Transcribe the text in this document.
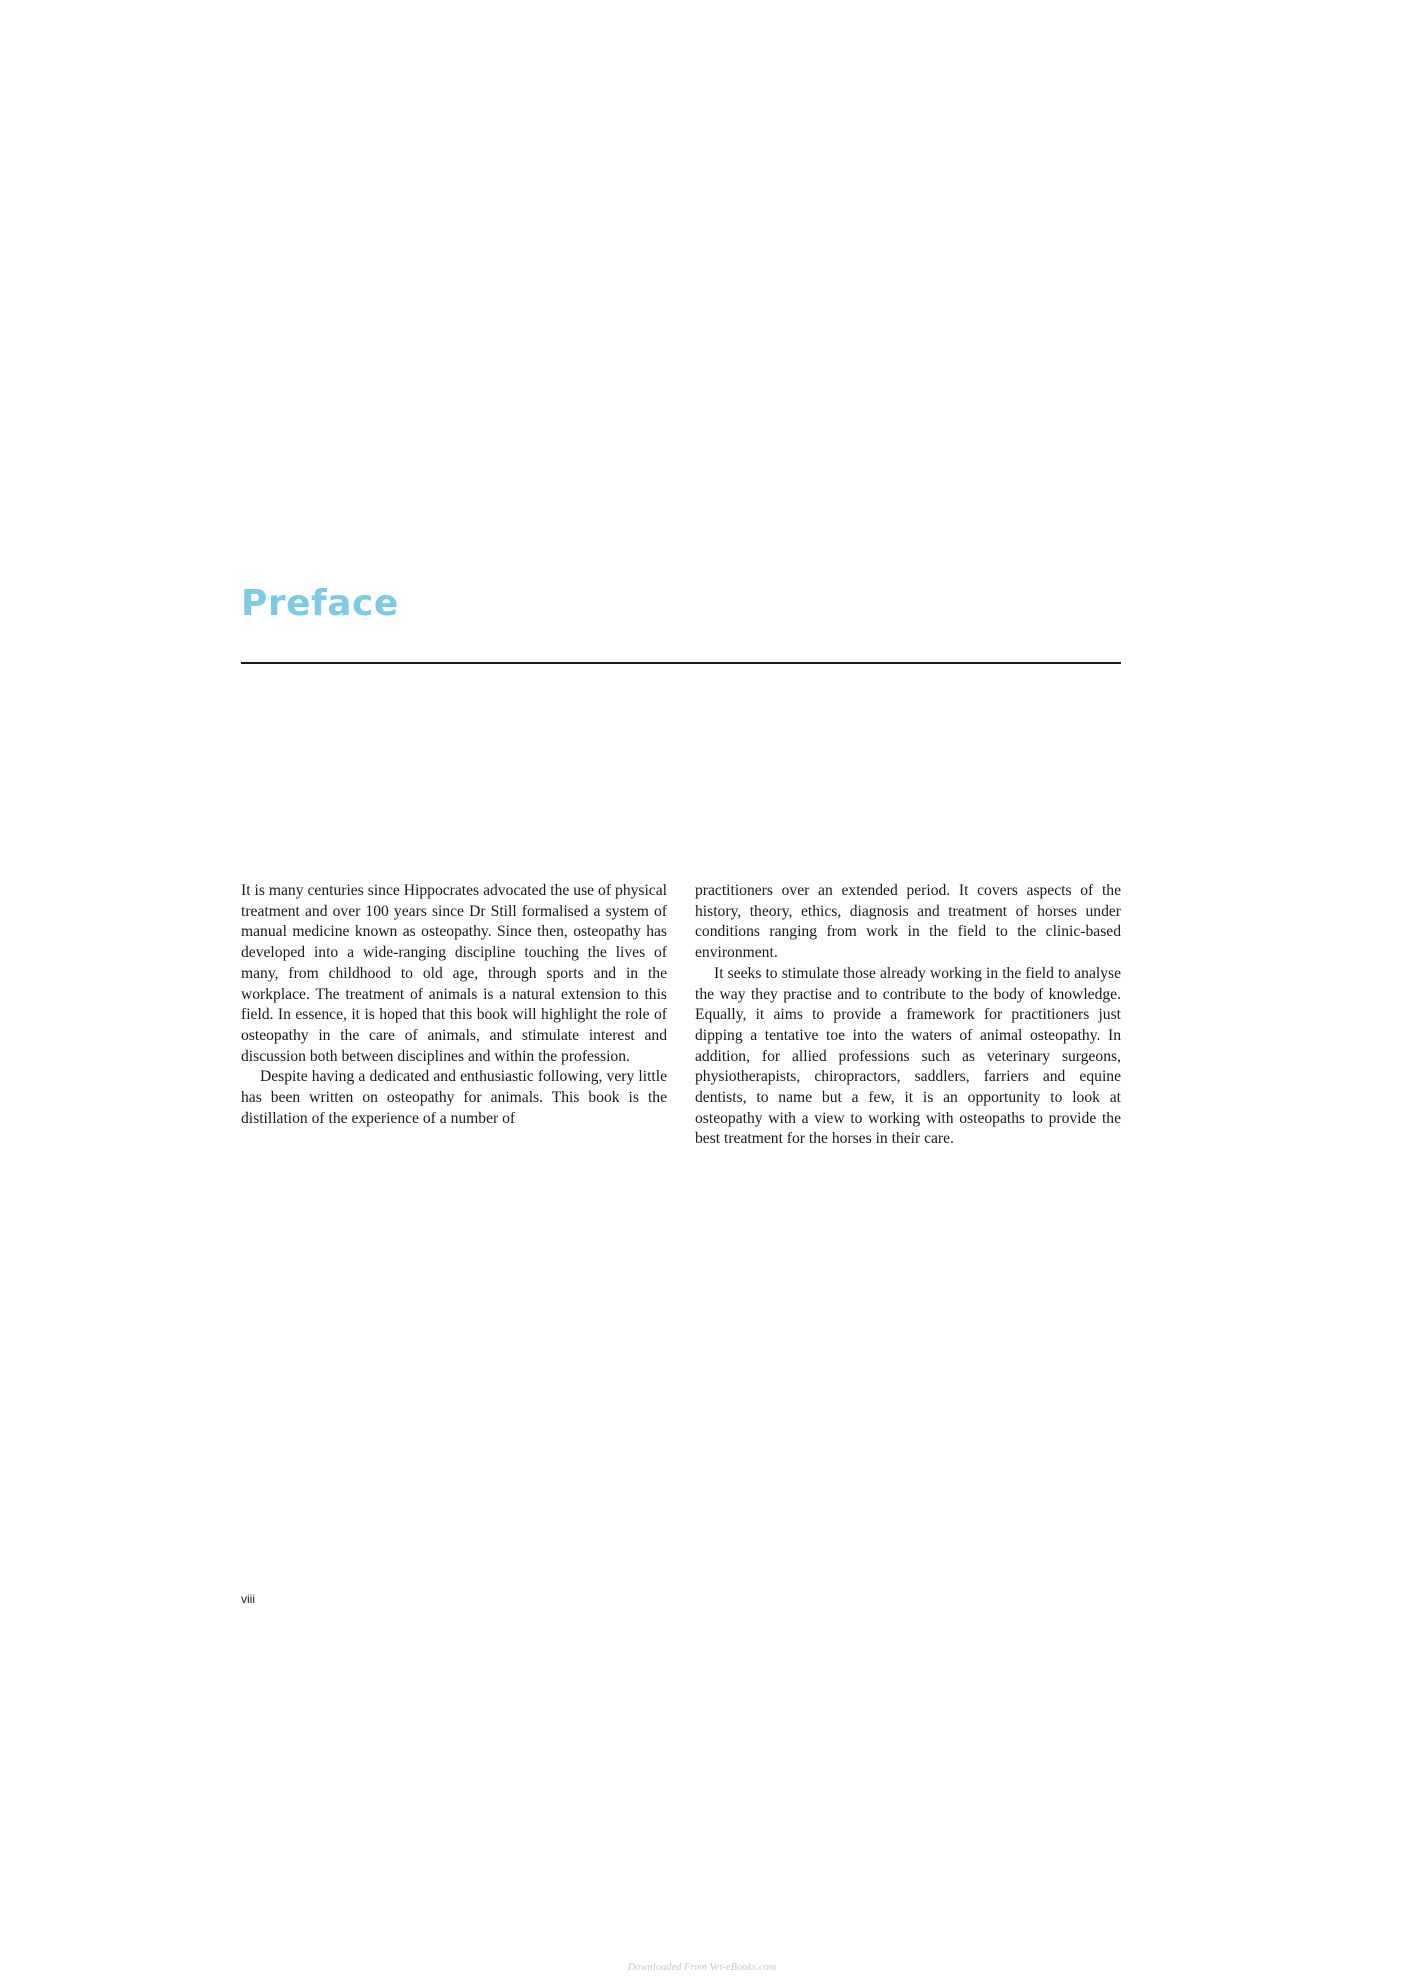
Preface

It is many centuries since Hippocrates advocated the use of physical treatment and over 100 years since Dr Still formalised a system of manual medicine known as osteopathy. Since then, osteopathy has developed into a wide-ranging discipline touching the lives of many, from childhood to old age, through sports and in the workplace. The treatment of animals is a natural extension to this field. In essence, it is hoped that this book will highlight the role of osteopathy in the care of animals, and stimulate interest and discussion both between disciplines and within the profession.

Despite having a dedicated and enthusiastic following, very little has been written on osteopathy for animals. This book is the distillation of the experience of a number of

practitioners over an extended period. It covers aspects of the history, theory, ethics, diagnosis and treatment of horses under conditions ranging from work in the field to the clinic-based environment.

It seeks to stimulate those already working in the field to analyse the way they practise and to contribute to the body of knowledge. Equally, it aims to provide a framework for practitioners just dipping a tentative toe into the waters of animal osteopathy. In addition, for allied professions such as veterinary surgeons, physiotherapists, chiropractors, saddlers, farriers and equine dentists, to name but a few, it is an opportunity to look at osteopathy with a view to working with osteopaths to provide the best treatment for the horses in their care.

viii
Downloaded From Vet-eBooks.com
